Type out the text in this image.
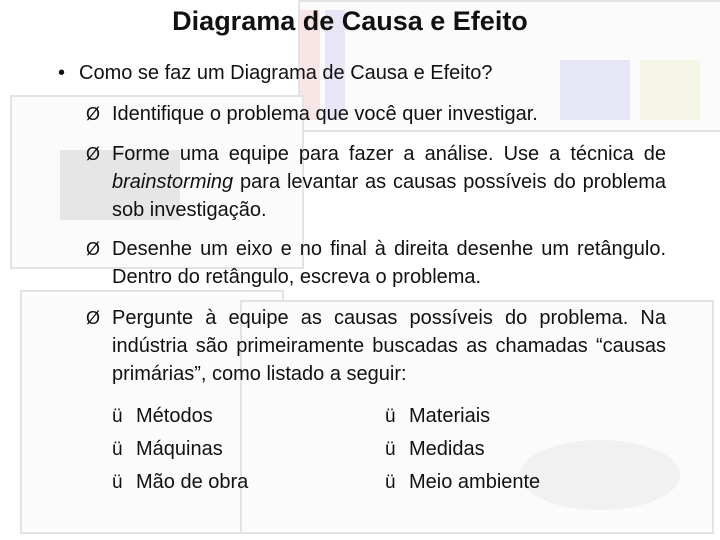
Diagrama de Causa e Efeito
• Como se faz um Diagrama de Causa e Efeito?
Ø Identifique o problema que você quer investigar.
Ø Forme uma equipe para fazer a análise. Use a técnica de brainstorming para levantar as causas possíveis do problema sob investigação.
Ø Desenhe um eixo e no final à direita desenhe um retângulo. Dentro do retângulo, escreva o problema.
Ø Pergunte à equipe as causas possíveis do problema. Na indústria são primeiramente buscadas as chamadas “causas primárias”, como listado a seguir:
ü Métodos
ü Máquinas
ü Mão de obra
ü Materiais
ü Medidas
ü Meio ambiente
